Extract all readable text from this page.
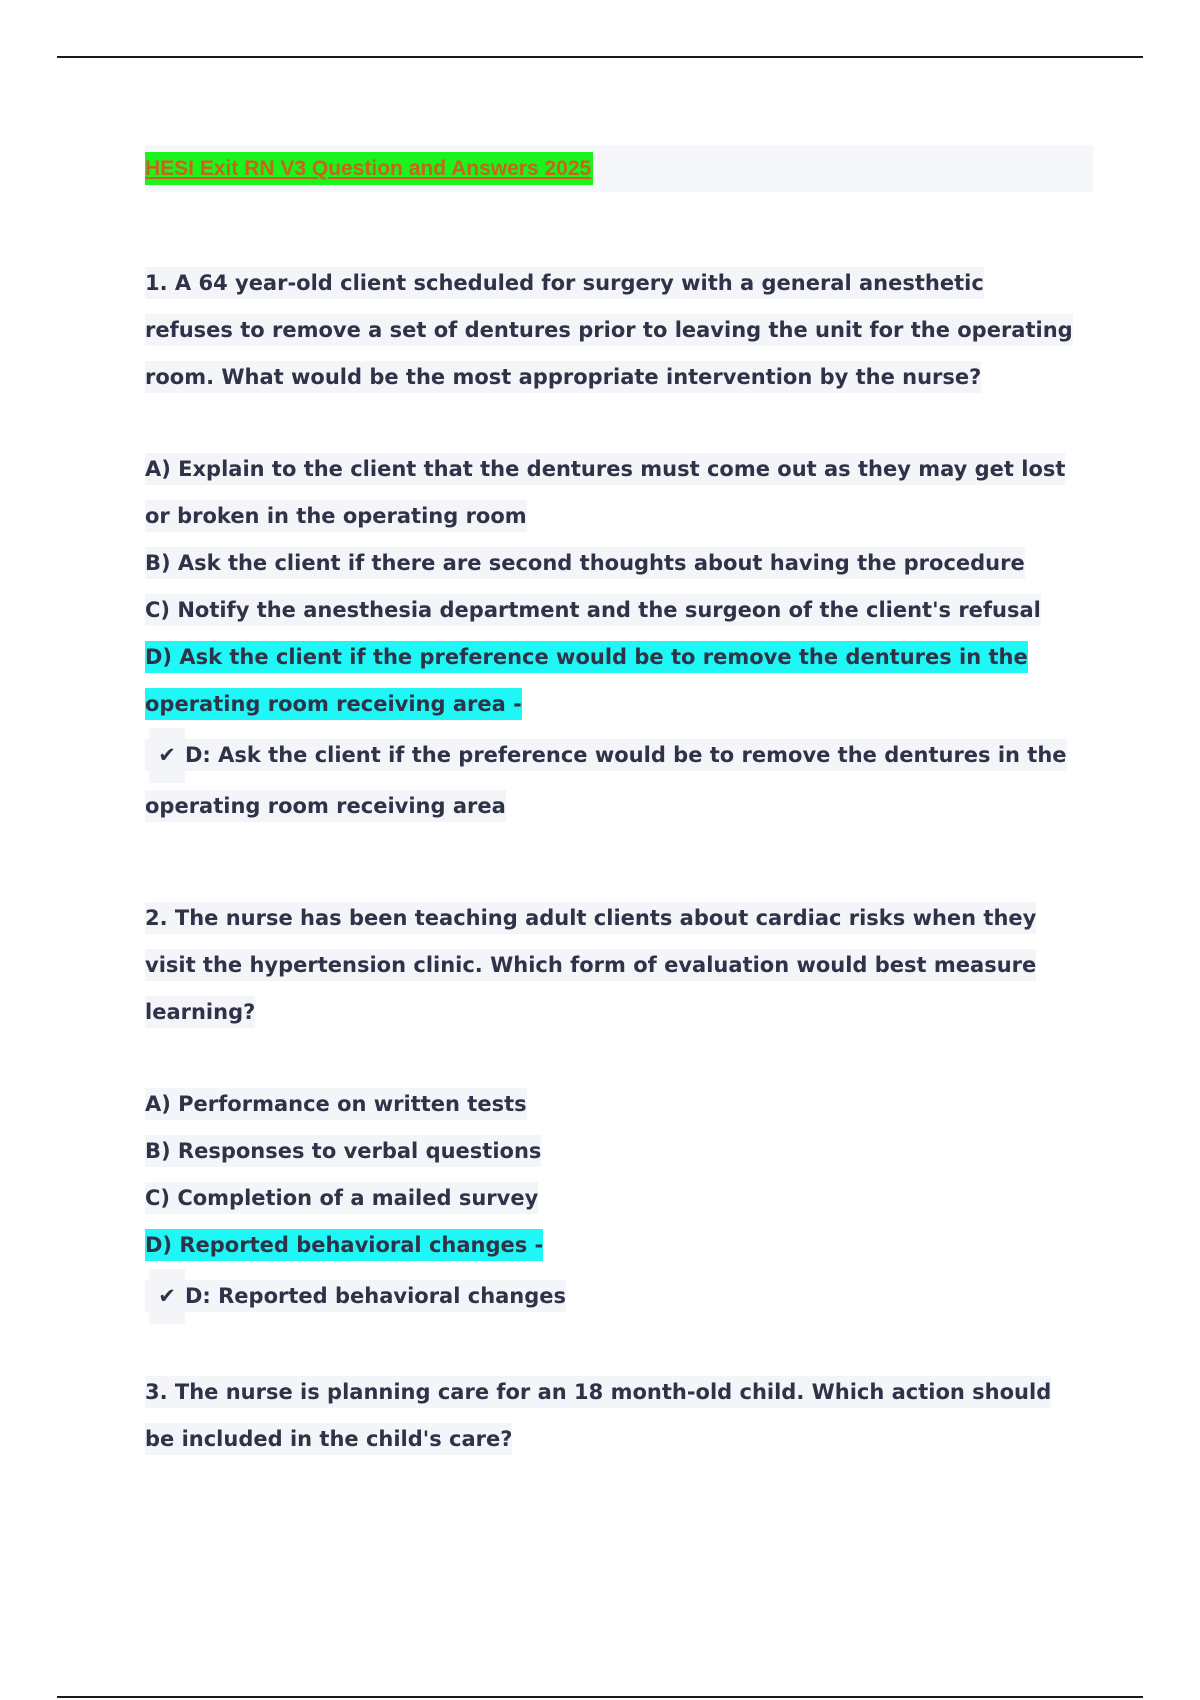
HESI Exit RN V3 Question and Answers 2025
1. A 64 year-old client scheduled for surgery with a general anesthetic
refuses to remove a set of dentures prior to leaving the unit for the operating
room. What would be the most appropriate intervention by the nurse?
A) Explain to the client that the dentures must come out as they may get lost
or broken in the operating room
B) Ask the client if there are second thoughts about having the procedure
C) Notify the anesthesia department and the surgeon of the client's refusal
D) Ask the client if the preference would be to remove the dentures in the
operating room receiving area -
✔ D: Ask the client if the preference would be to remove the dentures in the
operating room receiving area
2. The nurse has been teaching adult clients about cardiac risks when they
visit the hypertension clinic. Which form of evaluation would best measure
learning?
A) Performance on written tests
B) Responses to verbal questions
C) Completion of a mailed survey
D) Reported behavioral changes -
✔ D: Reported behavioral changes
3. The nurse is planning care for an 18 month-old child. Which action should
be included in the child's care?
